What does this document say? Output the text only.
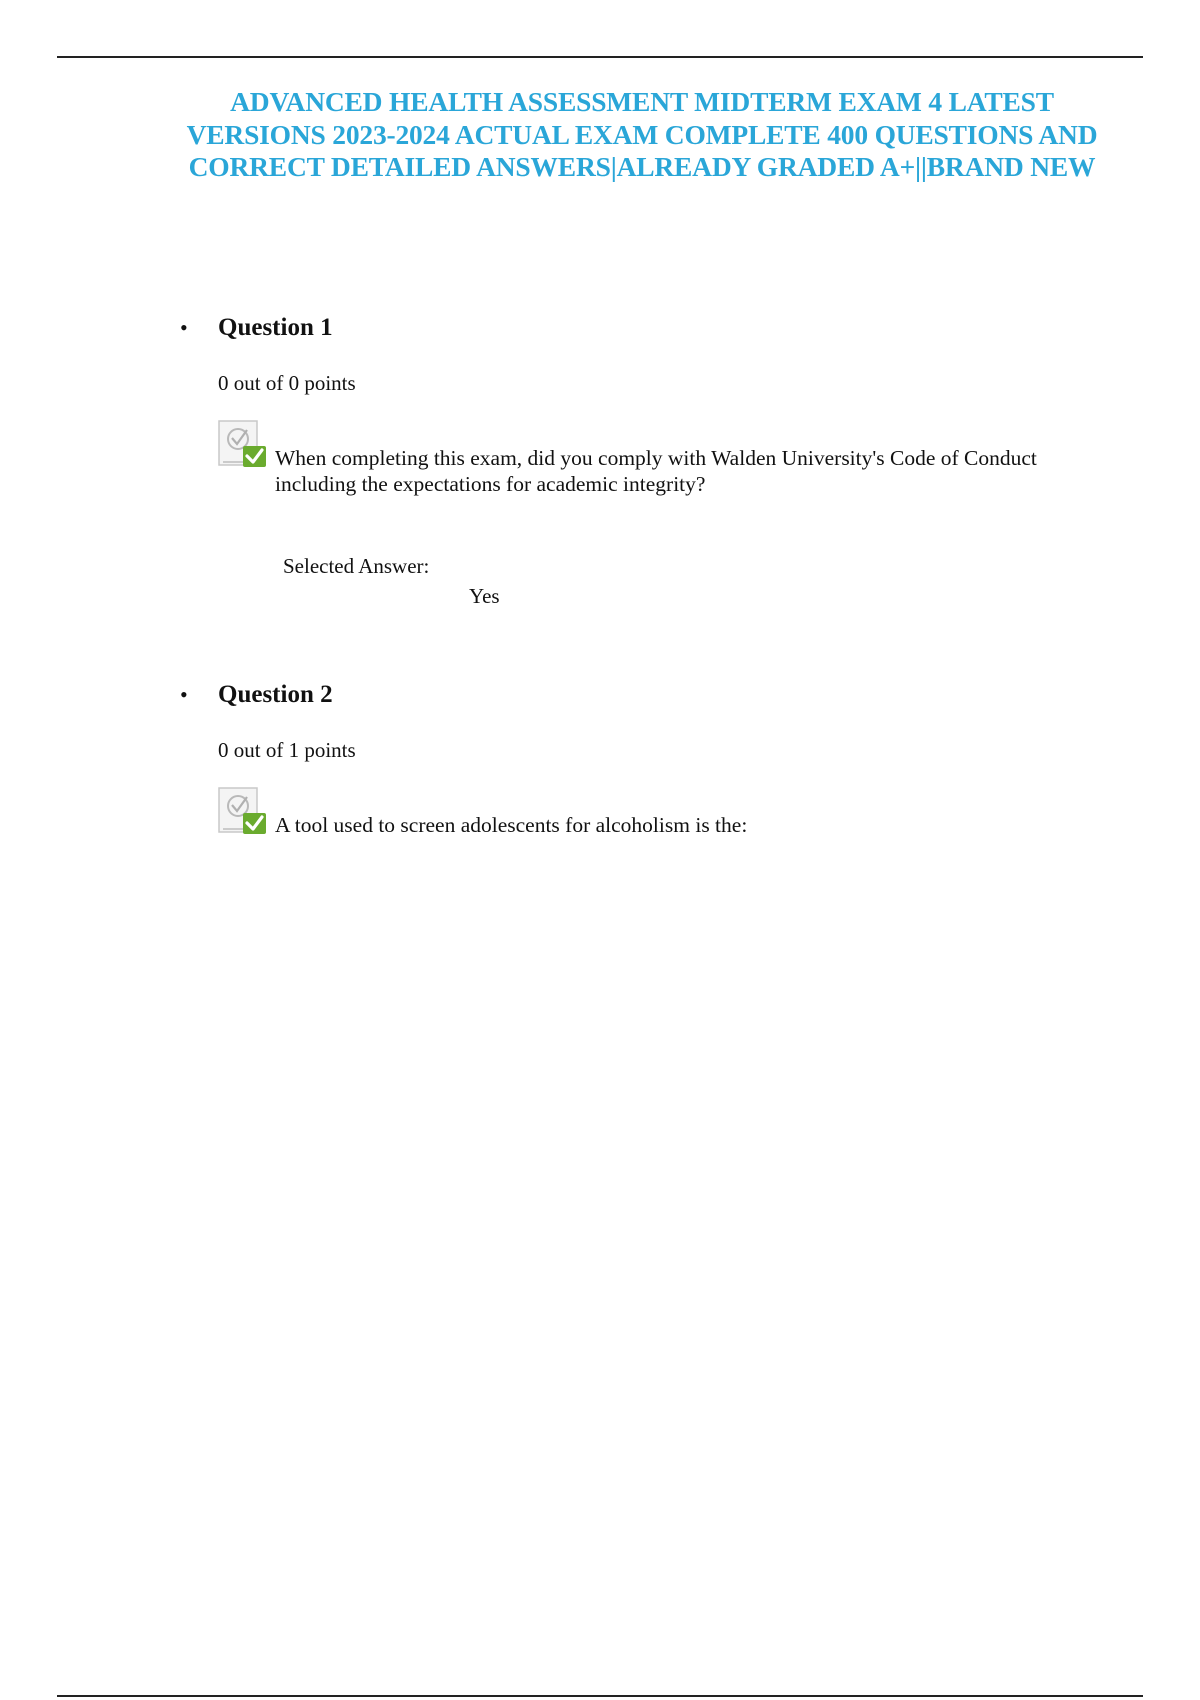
ADVANCED HEALTH ASSESSMENT MIDTERM EXAM 4 LATEST
VERSIONS 2023-2024 ACTUAL EXAM COMPLETE 400 QUESTIONS AND
CORRECT DETAILED ANSWERS|ALREADY GRADED A+||BRAND NEW
• Question 1
0 out of 0 points
When completing this exam, did you comply with Walden University's Code of Conduct
including the expectations for academic integrity?
Selected Answer:
Yes
• Question 2
0 out of 1 points
A tool used to screen adolescents for alcoholism is the:
